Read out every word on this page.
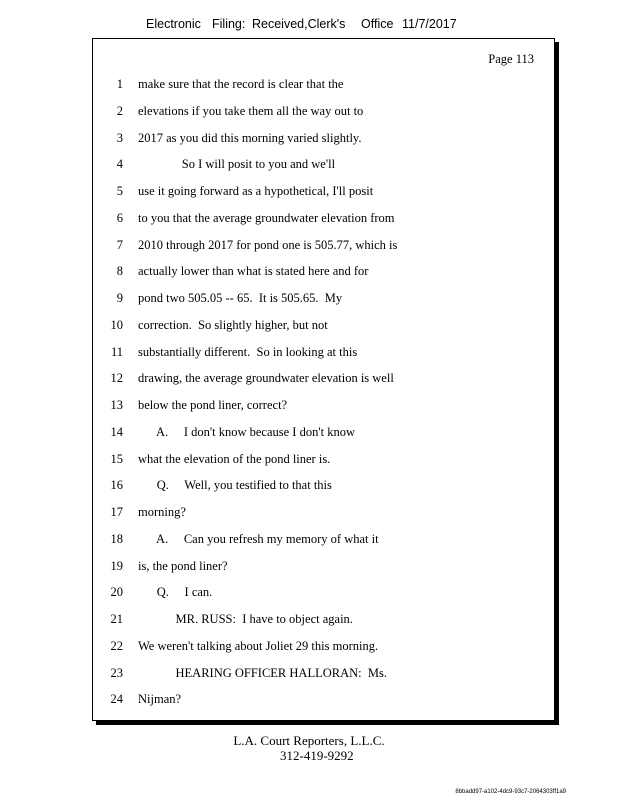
Electronic Filing: Received,Clerk's Office 11/7/2017
Page 113
1 make sure that the record is clear that the
2 elevations if you take them all the way out to
3 2017 as you did this morning varied slightly.
4 So I will posit to you and we'll
5 use it going forward as a hypothetical, I'll posit
6 to you that the average groundwater elevation from
7 2010 through 2017 for pond one is 505.77, which is
8 actually lower than what is stated here and for
9 pond two 505.05 -- 65.  It is 505.65.  My
10 correction.  So slightly higher, but not
11 substantially different.  So in looking at this
12 drawing, the average groundwater elevation is well
13 below the pond liner, correct?
14 A.     I don't know because I don't know
15 what the elevation of the pond liner is.
16 Q.     Well, you testified to that this
17 morning?
18 A.     Can you refresh my memory of what it
19 is, the pond liner?
20 Q.     I can.
21 MR. RUSS:  I have to object again.
22 We weren't talking about Joliet 29 this morning.
23 HEARING OFFICER HALLORAN:  Ms.
24 Nijman?
L.A. Court Reporters, L.L.C.
312-419-9292
8bbadd97-a102-4dc9-93c7-2064303ff1a9
